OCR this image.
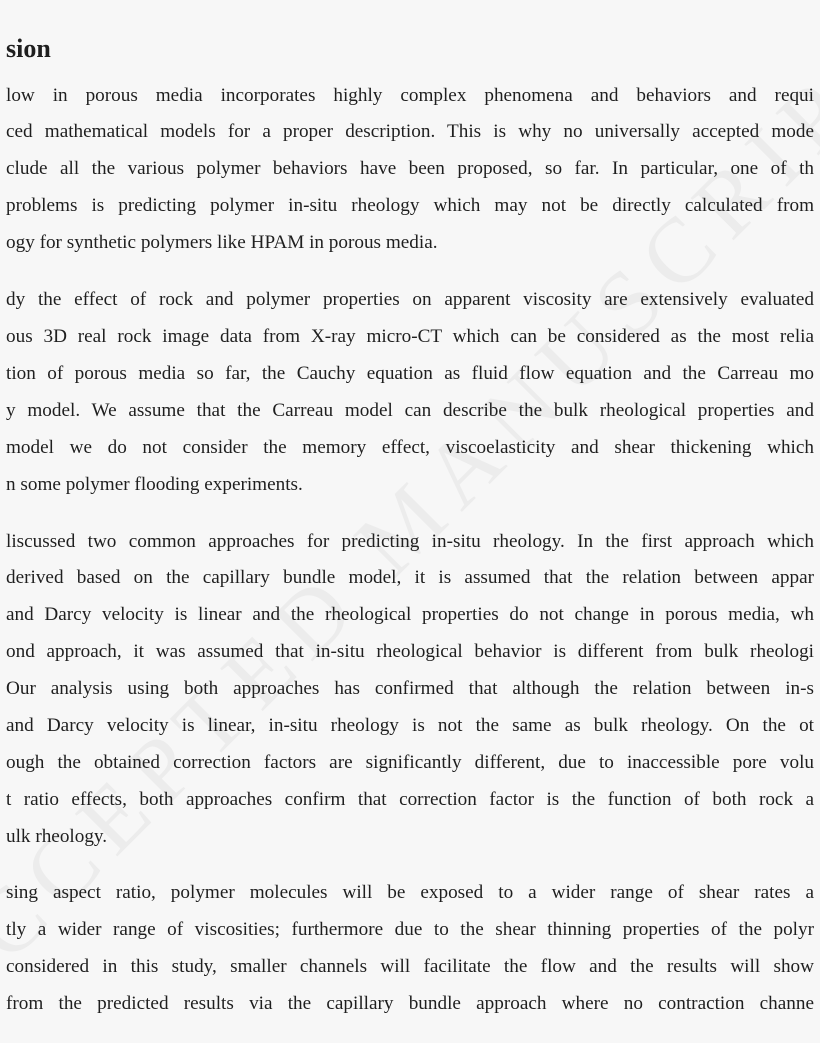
sion
low in porous media incorporates highly complex phenomena and behaviors and requi
ced mathematical models for a proper description. This is why no universally accepted mode
clude all the various polymer behaviors have been proposed, so far. In particular, one of th
problems is predicting polymer in-situ rheology which may not be directly calculated from
ogy for synthetic polymers like HPAM in porous media.
dy the effect of rock and polymer properties on apparent viscosity are extensively evaluated
ous 3D real rock image data from X-ray micro-CT which can be considered as the most relia
tion of porous media so far, the Cauchy equation as fluid flow equation and the Carreau mo
y model. We assume that the Carreau model can describe the bulk rheological properties and
model we do not consider the memory effect, viscoelasticity and shear thickening which
n some polymer flooding experiments.
liscussed two common approaches for predicting in-situ rheology. In the first approach which
derived based on the capillary bundle model, it is assumed that the relation between appar
and Darcy velocity is linear and the rheological properties do not change in porous media, wh
ond approach, it was assumed that in-situ rheological behavior is different from bulk rheologi
Our analysis using both approaches has confirmed that although the relation between in-s
and Darcy velocity is linear, in-situ rheology is not the same as bulk rheology. On the ot
ough the obtained correction factors are significantly different, due to inaccessible pore volu
t ratio effects, both approaches confirm that correction factor is the function of both rock a
ulk rheology.
sing aspect ratio, polymer molecules will be exposed to a wider range of shear rates a
tly a wider range of viscosities; furthermore due to the shear thinning properties of the polyr
considered in this study, smaller channels will facilitate the flow and the results will show
from the predicted results via the capillary bundle approach where no contraction channe
